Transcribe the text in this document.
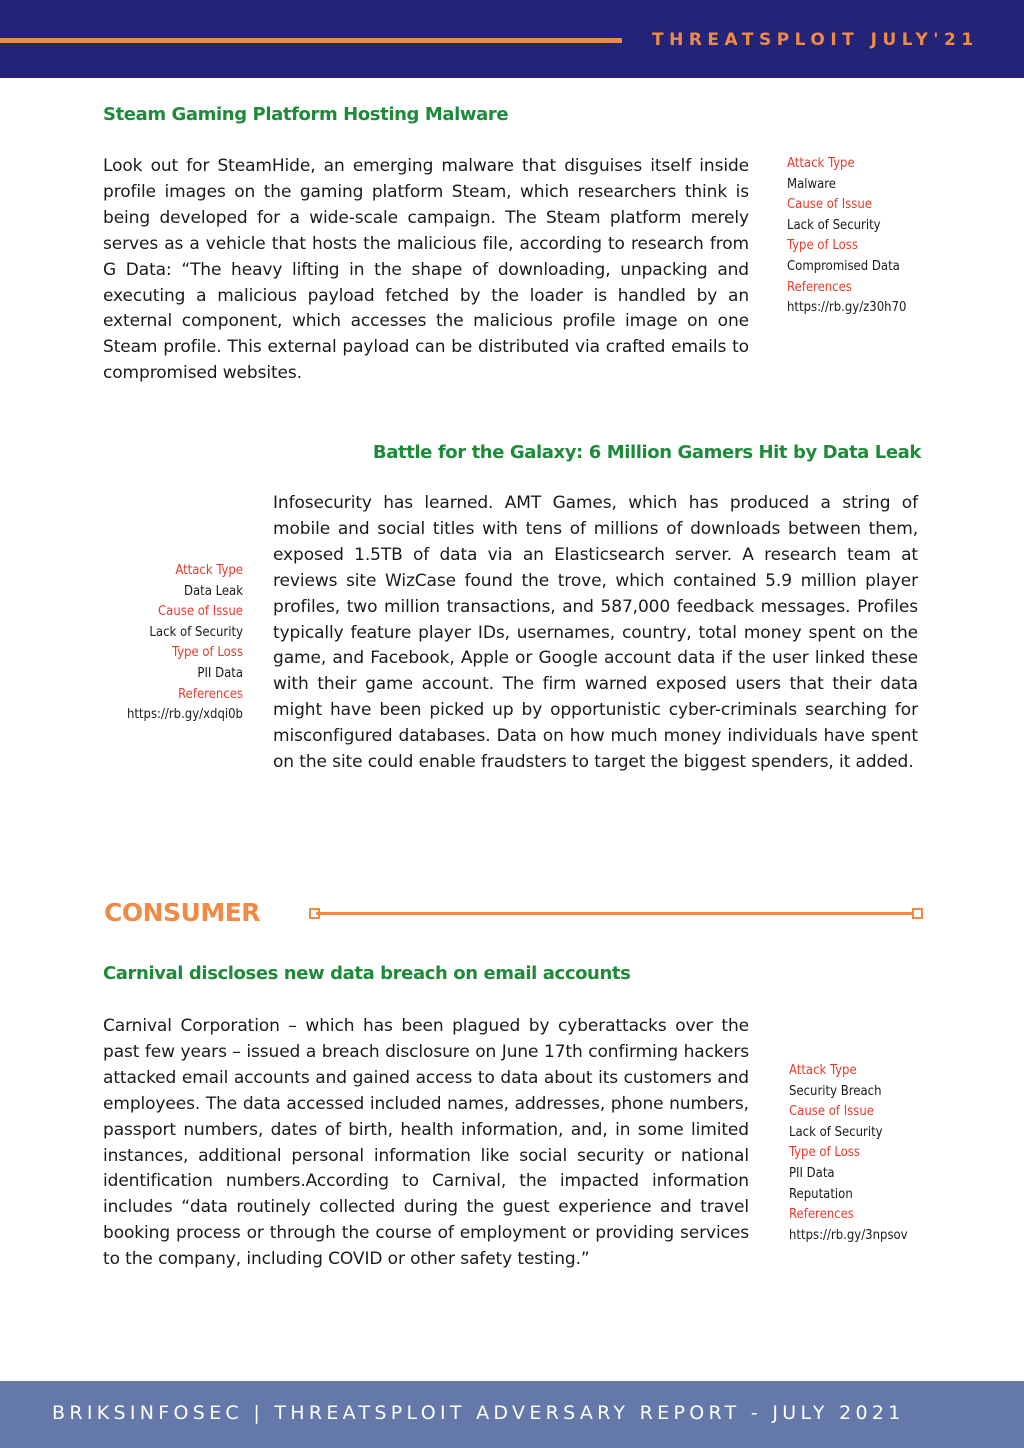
THREATSPLOIT JULY'21
Steam Gaming Platform Hosting Malware

Look out for SteamHide, an emerging malware that disguises itself inside profile images on the gaming platform Steam, which researchers think is being developed for a wide-scale campaign. The Steam platform merely serves as a vehicle that hosts the malicious file, according to research from G Data: “The heavy lifting in the shape of downloading, unpacking and executing a malicious payload fetched by the loader is handled by an external component, which accesses the malicious profile image on one Steam profile. This external payload can be distributed via crafted emails to compromised websites.

Attack Type
Malware
Cause of Issue
Lack of Security
Type of Loss
Compromised Data
References
https://rb.gy/z30h70
Battle for the Galaxy: 6 Million Gamers Hit by Data Leak

Infosecurity has learned. AMT Games, which has produced a string of mobile and social titles with tens of millions of downloads between them, exposed 1.5TB of data via an Elasticsearch server. A research team at reviews site WizCase found the trove, which contained 5.9 million player profiles, two million transactions, and 587,000 feedback messages. Profiles typically feature player IDs, usernames, country, total money spent on the game, and Facebook, Apple or Google account data if the user linked these with their game account. The firm warned exposed users that their data might have been picked up by opportunistic cyber-criminals searching for misconfigured databases. Data on how much money individuals have spent on the site could enable fraudsters to target the biggest spenders, it added.

Attack Type
Data Leak
Cause of Issue
Lack of Security
Type of Loss
PII Data
References
https://rb.gy/xdqi0b
CONSUMER
Carnival discloses new data breach on email accounts

Carnival Corporation – which has been plagued by cyberattacks over the past few years – issued a breach disclosure on June 17th confirming hackers attacked email accounts and gained access to data about its customers and employees. The data accessed included names, addresses, phone numbers, passport numbers, dates of birth, health information, and, in some limited instances, additional personal information like social security or national identification numbers.According to Carnival, the impacted information includes “data routinely collected during the guest experience and travel booking process or through the course of employment or providing services to the company, including COVID or other safety testing.”

Attack Type
Security Breach
Cause of Issue
Lack of Security
Type of Loss
PII Data
Reputation
References
https://rb.gy/3npsov
BRIKSINFOSEC | THREATSPLOIT ADVERSARY REPORT - JULY 2021
